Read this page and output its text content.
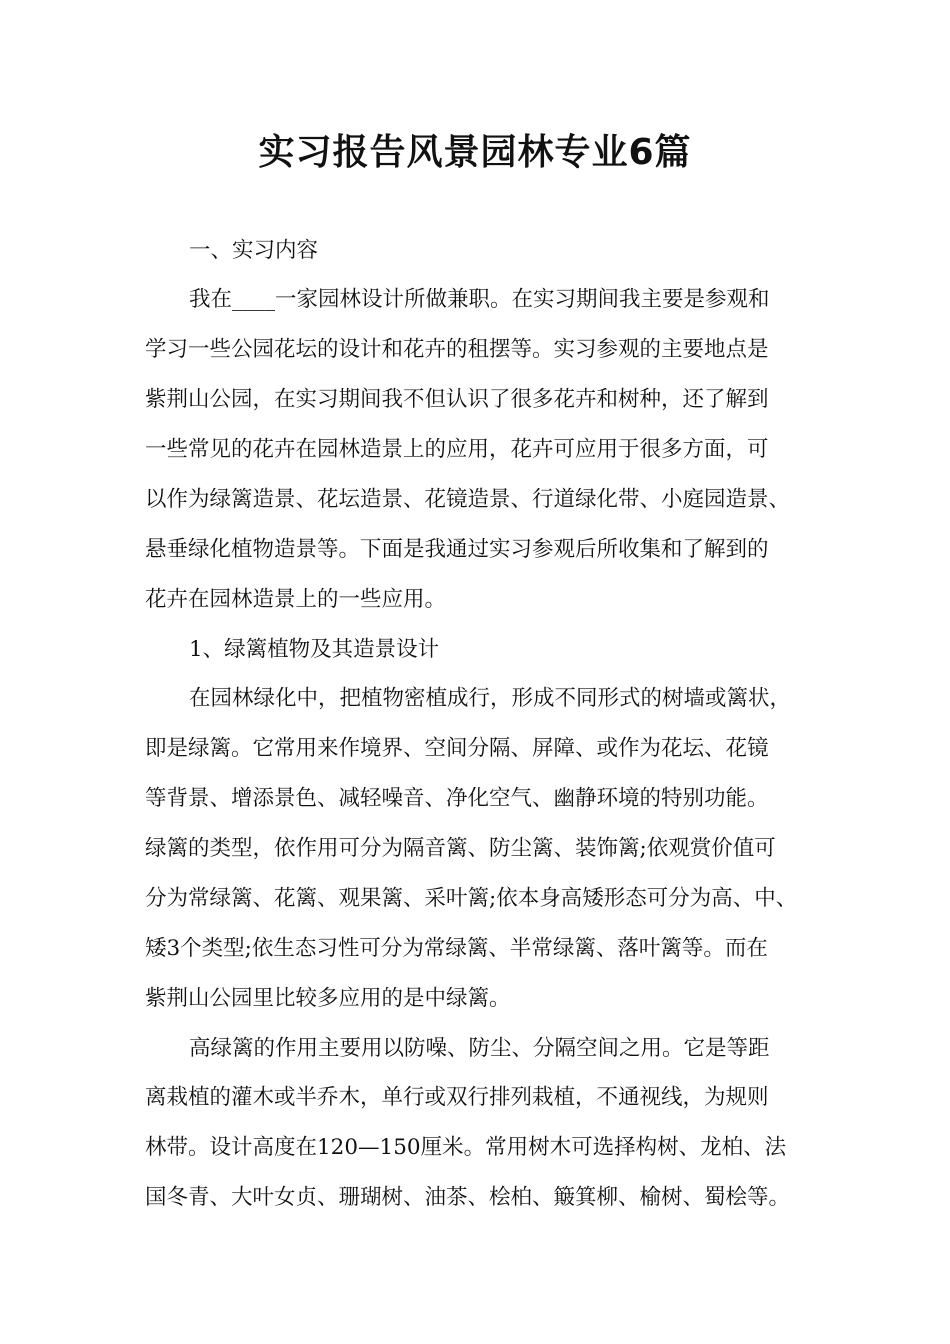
实习报告风景园林专业6篇
一、实习内容
我在____一家园林设计所做兼职。在实习期间我主要是参观和
学习一些公园花坛的设计和花卉的租摆等。实习参观的主要地点是
紫荆山公园，在实习期间我不但认识了很多花卉和树种，还了解到
一些常见的花卉在园林造景上的应用，花卉可应用于很多方面，可
以作为绿篱造景、花坛造景、花镜造景、行道绿化带、小庭园造景、
悬垂绿化植物造景等。下面是我通过实习参观后所收集和了解到的
花卉在园林造景上的一些应用。
1、绿篱植物及其造景设计
在园林绿化中，把植物密植成行，形成不同形式的树墙或篱状，
即是绿篱。它常用来作境界、空间分隔、屏障、或作为花坛、花镜
等背景、增添景色、减轻噪音、净化空气、幽静环境的特别功能。
绿篱的类型，依作用可分为隔音篱、防尘篱、装饰篱;依观赏价值可
分为常绿篱、花篱、观果篱、采叶篱;依本身高矮形态可分为高、中、
矮3个类型;依生态习性可分为常绿篱、半常绿篱、落叶篱等。而在
紫荆山公园里比较多应用的是中绿篱。
高绿篱的作用主要用以防噪、防尘、分隔空间之用。它是等距
离栽植的灌木或半乔木，单行或双行排列栽植，不通视线，为规则
林带。设计高度在120—150厘米。常用树木可选择构树、龙柏、法
国冬青、大叶女贞、珊瑚树、油茶、桧柏、簸箕柳、榆树、蜀桧等。
